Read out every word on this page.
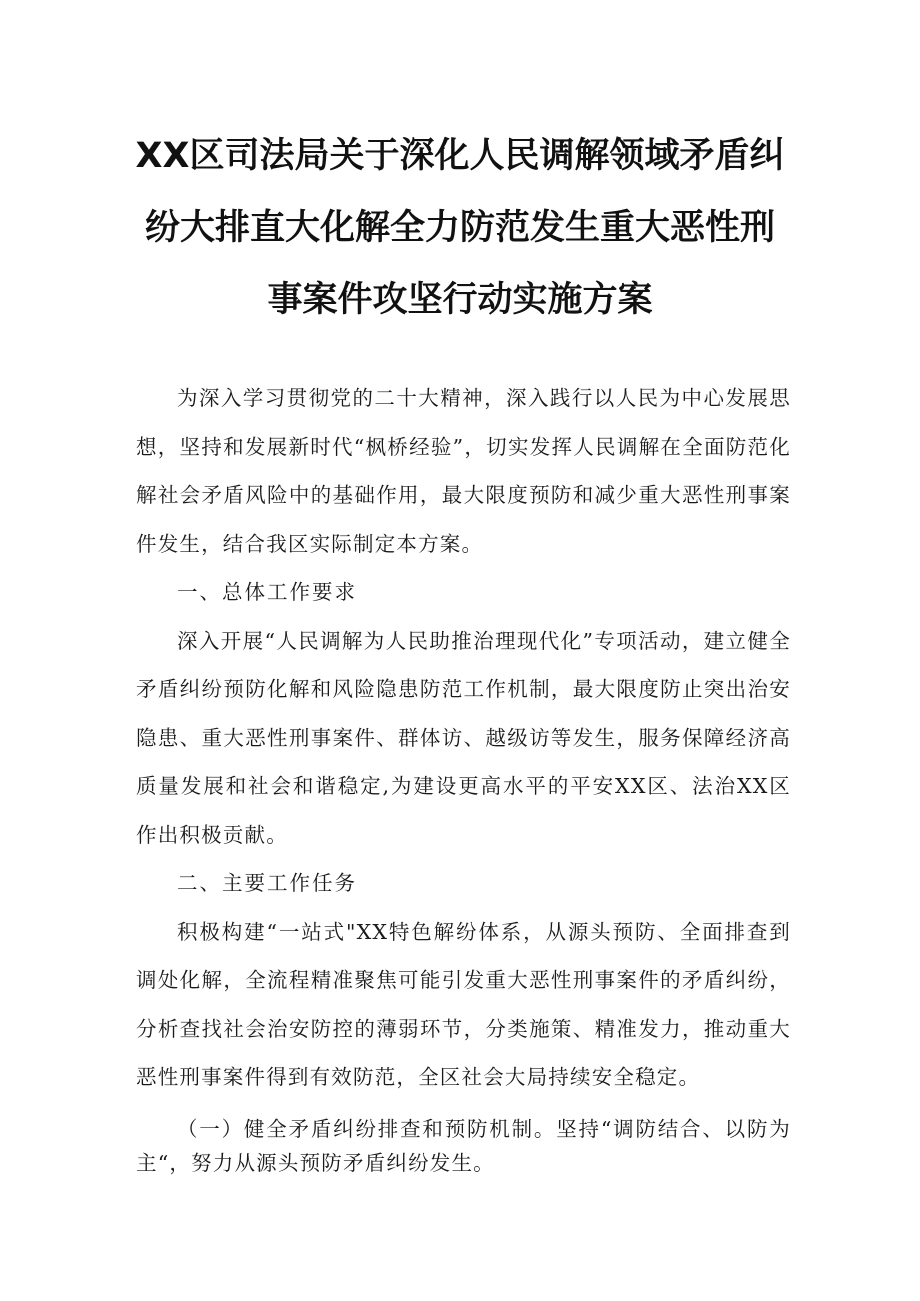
XX区司法局关于深化人民调解领域矛盾纠
纷大排直大化解全力防范发生重大恶性刑
事案件攻坚行动实施方案

为深入学习贯彻党的二十大精神，深入践行以人民为中心发展思想，坚持和发展新时代“枫桥经验”，切实发挥人民调解在全面防范化解社会矛盾风险中的基础作用，最大限度预防和减少重大恶性刑事案件发生，结合我区实际制定本方案。

一、总体工作要求

深入开展“人民调解为人民助推治理现代化”专项活动，建立健全矛盾纠纷预防化解和风险隐患防范工作机制，最大限度防止突出治安隐患、重大恶性刑事案件、群体访、越级访等发生，服务保障经济高质量发展和社会和谐稳定,为建设更高水平的平安XX区、法治XX区作出积极贡献。

二、主要工作任务

积极构建“一站式"XX特色解纷体系，从源头预防、全面排查到调处化解，全流程精准聚焦可能引发重大恶性刑事案件的矛盾纠纷，分析查找社会治安防控的薄弱环节，分类施策、精准发力，推动重大恶性刑事案件得到有效防范，全区社会大局持续安全稳定。

（一）健全矛盾纠纷排查和预防机制。坚持“调防结合、以防为主“，努力从源头预防矛盾纠纷发生。
